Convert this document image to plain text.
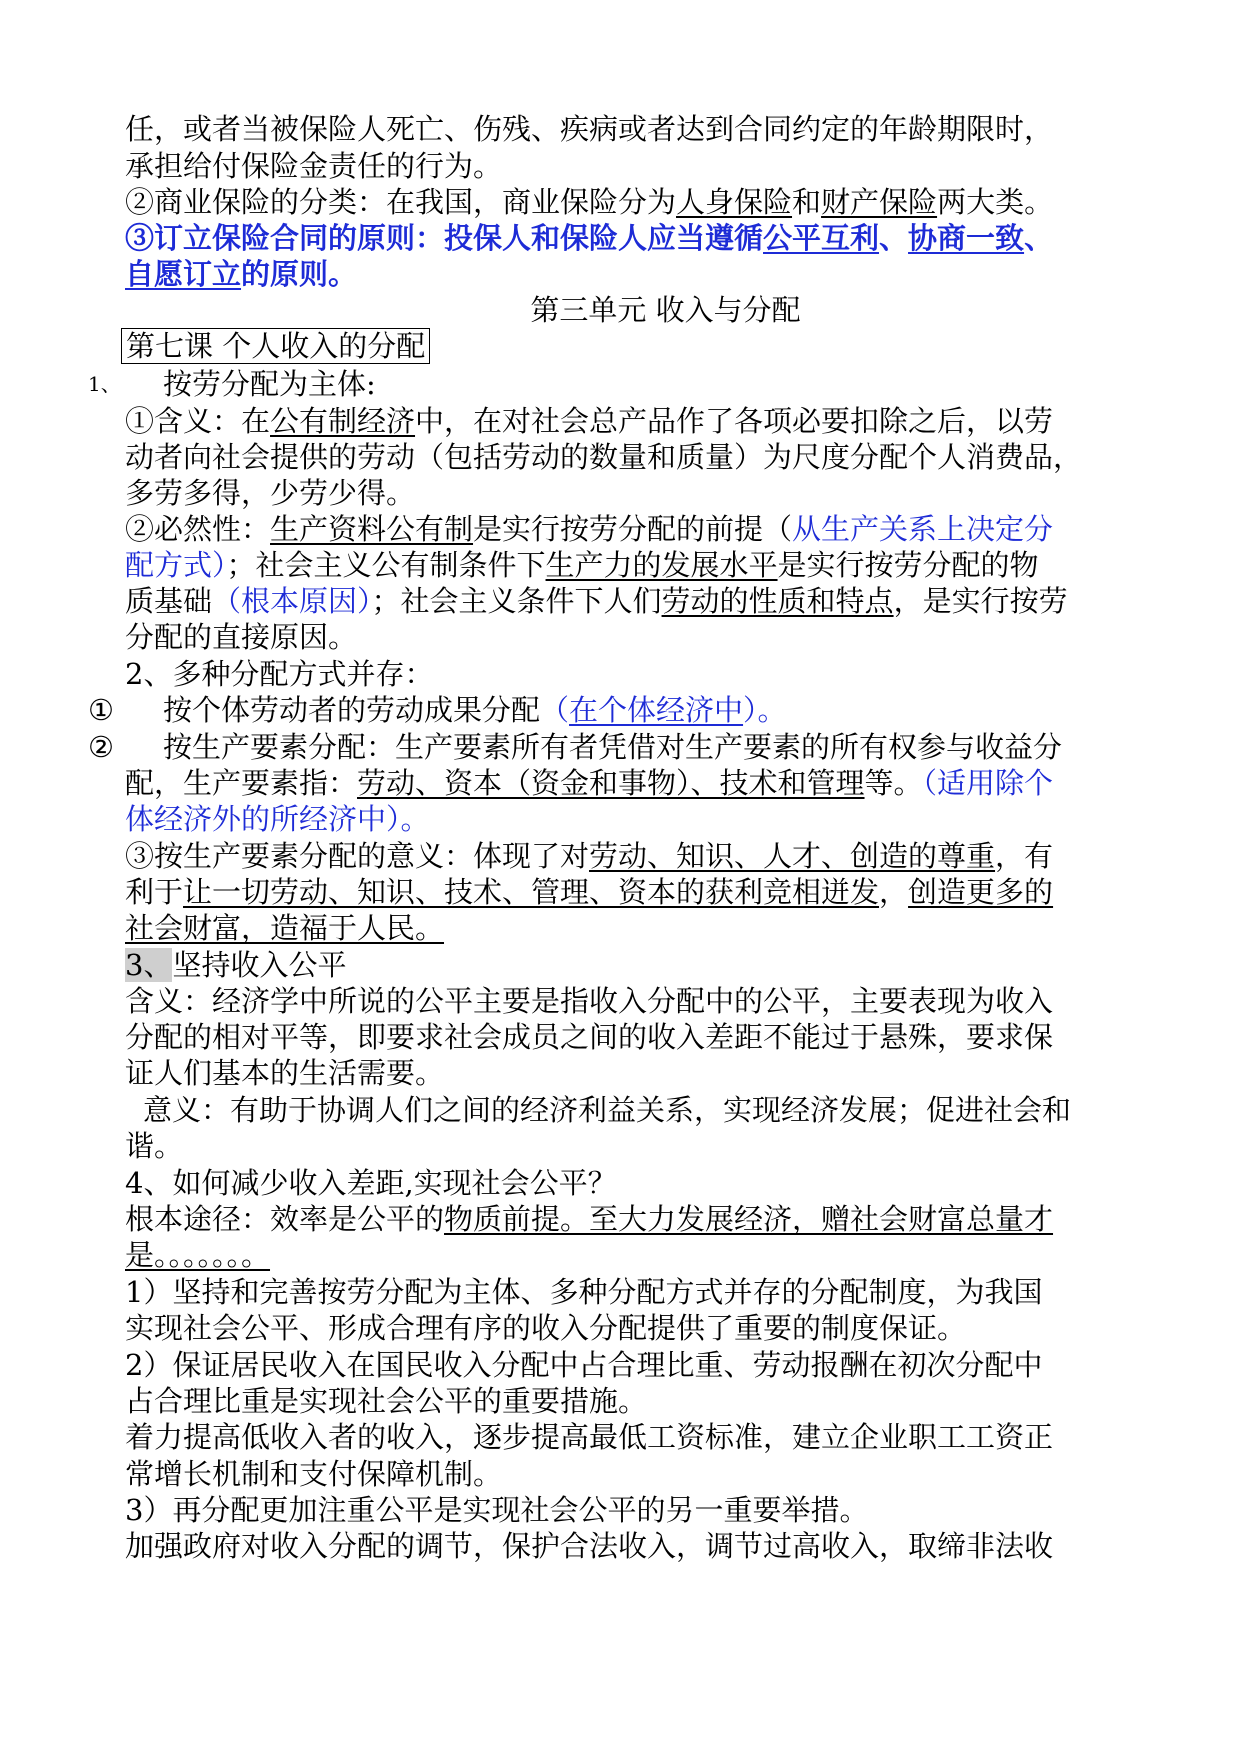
任，或者当被保险人死亡、伤残、疾病或者达到合同约定的年龄期限时，
承担给付保险金责任的行为。
②商业保险的分类：在我国，商业保险分为人身保险和财产保险两大类。
③订立保险合同的原则：投保人和保险人应当遵循公平互利、协商一致、
自愿订立的原则。
第三单元 收入与分配
第七课 个人收入的分配
1、 按劳分配为主体:
①含义：在公有制经济中，在对社会总产品作了各项必要扣除之后，以劳
动者向社会提供的劳动（包括劳动的数量和质量）为尺度分配个人消费品，
多劳多得，少劳少得。
②必然性：生产资料公有制是实行按劳分配的前提（从生产关系上决定分
配方式）；社会主义公有制条件下生产力的发展水平是实行按劳分配的物
质基础（根本原因）；社会主义条件下人们劳动的性质和特点，是实行按劳
分配的直接原因。
2、多种分配方式并存：
① 按个体劳动者的劳动成果分配（在个体经济中）。
② 按生产要素分配：生产要素所有者凭借对生产要素的所有权参与收益分
配，生产要素指：劳动、资本（资金和事物）、技术和管理等。（适用除个
体经济外的所经济中）。
③按生产要素分配的意义：体现了对劳动、知识、人才、创造的尊重，有
利于让一切劳动、知识、技术、管理、资本的获利竞相迸发，创造更多的
社会财富，造福于人民。
3、坚持收入公平
含义：经济学中所说的公平主要是指收入分配中的公平，主要表现为收入
分配的相对平等，即要求社会成员之间的收入差距不能过于悬殊，要求保
证人们基本的生活需要。
意义：有助于协调人们之间的经济利益关系，实现经济发展；促进社会和
谐。
4、如何减少收入差距,实现社会公平？
根本途径：效率是公平的物质前提。至大力发展经济，赠社会财富总量才
是。。。。。。。
1）坚持和完善按劳分配为主体、多种分配方式并存的分配制度，为我国
实现社会公平、形成合理有序的收入分配提供了重要的制度保证。
2）保证居民收入在国民收入分配中占合理比重、劳动报酬在初次分配中
占合理比重是实现社会公平的重要措施。
着力提高低收入者的收入，逐步提高最低工资标准，建立企业职工工资正
常增长机制和支付保障机制。
3）再分配更加注重公平是实现社会公平的另一重要举措。
加强政府对收入分配的调节，保护合法收入，调节过高收入，取缔非法收
